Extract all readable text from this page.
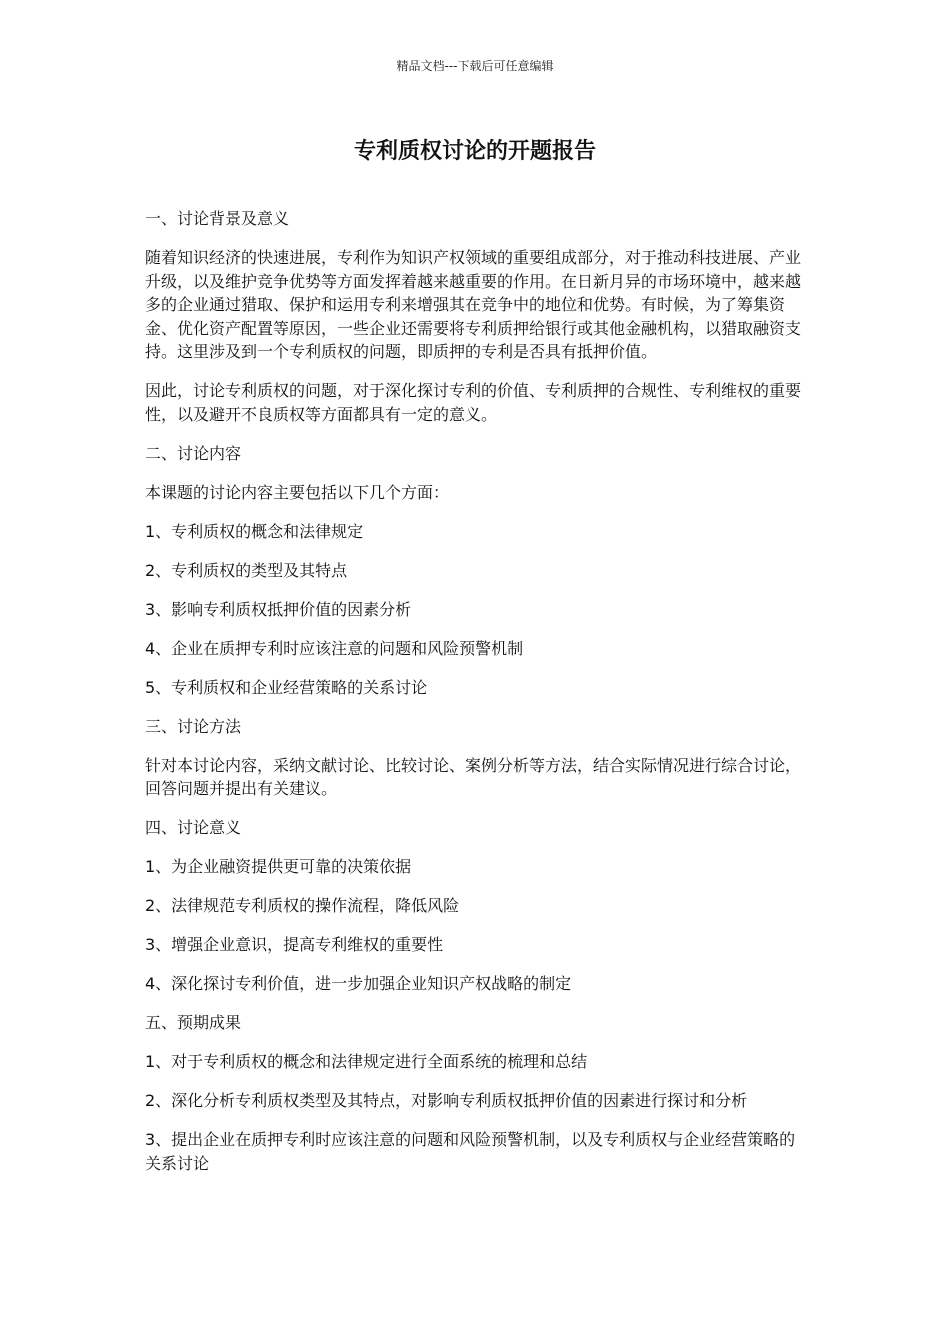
精品文档---下载后可任意编辑
专利质权讨论的开题报告

一、讨论背景及意义

随着知识经济的快速进展，专利作为知识产权领域的重要组成部分，对于推动科技进展、产业升级，以及维护竞争优势等方面发挥着越来越重要的作用。在日新月异的市场环境中，越来越多的企业通过猎取、保护和运用专利来增强其在竞争中的地位和优势。有时候，为了筹集资金、优化资产配置等原因，一些企业还需要将专利质押给银行或其他金融机构，以猎取融资支持。这里涉及到一个专利质权的问题，即质押的专利是否具有抵押价值。

因此，讨论专利质权的问题，对于深化探讨专利的价值、专利质押的合规性、专利维权的重要性，以及避开不良质权等方面都具有一定的意义。

二、讨论内容

本课题的讨论内容主要包括以下几个方面：

1、专利质权的概念和法律规定

2、专利质权的类型及其特点

3、影响专利质权抵押价值的因素分析

4、企业在质押专利时应该注意的问题和风险预警机制

5、专利质权和企业经营策略的关系讨论

三、讨论方法

针对本讨论内容，采纳文献讨论、比较讨论、案例分析等方法，结合实际情况进行综合讨论，回答问题并提出有关建议。

四、讨论意义

1、为企业融资提供更可靠的决策依据

2、法律规范专利质权的操作流程，降低风险

3、增强企业意识，提高专利维权的重要性

4、深化探讨专利价值，进一步加强企业知识产权战略的制定

五、预期成果

1、对于专利质权的概念和法律规定进行全面系统的梳理和总结

2、深化分析专利质权类型及其特点，对影响专利质权抵押价值的因素进行探讨和分析

3、提出企业在质押专利时应该注意的问题和风险预警机制，以及专利质权与企业经营策略的关系讨论
